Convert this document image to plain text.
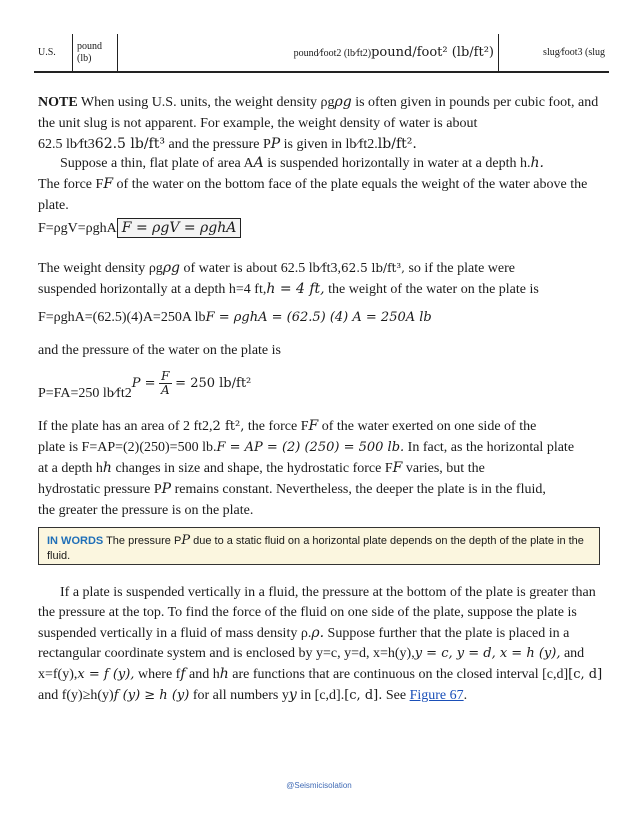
U.S.	pound (lb)	pound⁄foot2 (lb⁄ft2)pound/foot² (lb/ft²)	slug⁄foot3 (slug
NOTE When using U.S. units, the weight density ρgρg is often given in pounds per cubic foot, and the unit slug is not apparent. For example, the weight density of water is about
62.5 lb⁄ft362.5 lb/ft³ and the pressure PP is given in lb⁄ft2.lb/ft².
Suppose a thin, flat plate of area AA is suspended horizontally in water at a depth h.h.
The force FF of the water on the bottom face of the plate equals the weight of the water above the plate.
F=ρgV=ρghA F = ρgV = ρghA
The weight density ρgρg of water is about 62.5 lb⁄ft3,62.5 lb/ft³, so if the plate were
suspended horizontally at a depth h=4 ft,h = 4 ft, the weight of the water on the plate is
F=ρghA=(62.5)(4)A=250A lbF = ρghA = (62.5) (4) A = 250A lb
and the pressure of the water on the plate is
P=FA=250 lb⁄ft2P = $\frac{F}{A} = 250$ lb/ft²
If the plate has an area of 2 ft2,2 ft², the force FF of the water exerted on one side of the
plate is F=AP=(2)(250)=500 lb.F = AP = (2) (250) = 500 lb. In fact, as the horizontal plate
at a depth hh changes in size and shape, the hydrostatic force FF varies, but the
hydrostatic pressure PP remains constant. Nevertheless, the deeper the plate is in the fluid,
the greater the pressure is on the plate.
IN WORDS The pressure PP due to a static fluid on a horizontal plate depends on the depth of the plate in the fluid.
If a plate is suspended vertically in a fluid, the pressure at the bottom of the plate is greater than the pressure at the top. To find the force of the fluid on one side of the plate, suppose the plate is suspended vertically in a fluid of mass density ρ.ρ. Suppose further that the plate is placed in a rectangular coordinate system and is enclosed by y=c, y=d, x=h(y),y = c, y = d, x = h (y), and x=f(y),x = f (y), where ff and hh are functions that are continuous on the closed interval [c,d][c, d] and f(y)≥h(y)f (y) ≥ h (y) for all numbers yy in [c,d].[c, d]. See Figure 67.
@Seismicisolation
